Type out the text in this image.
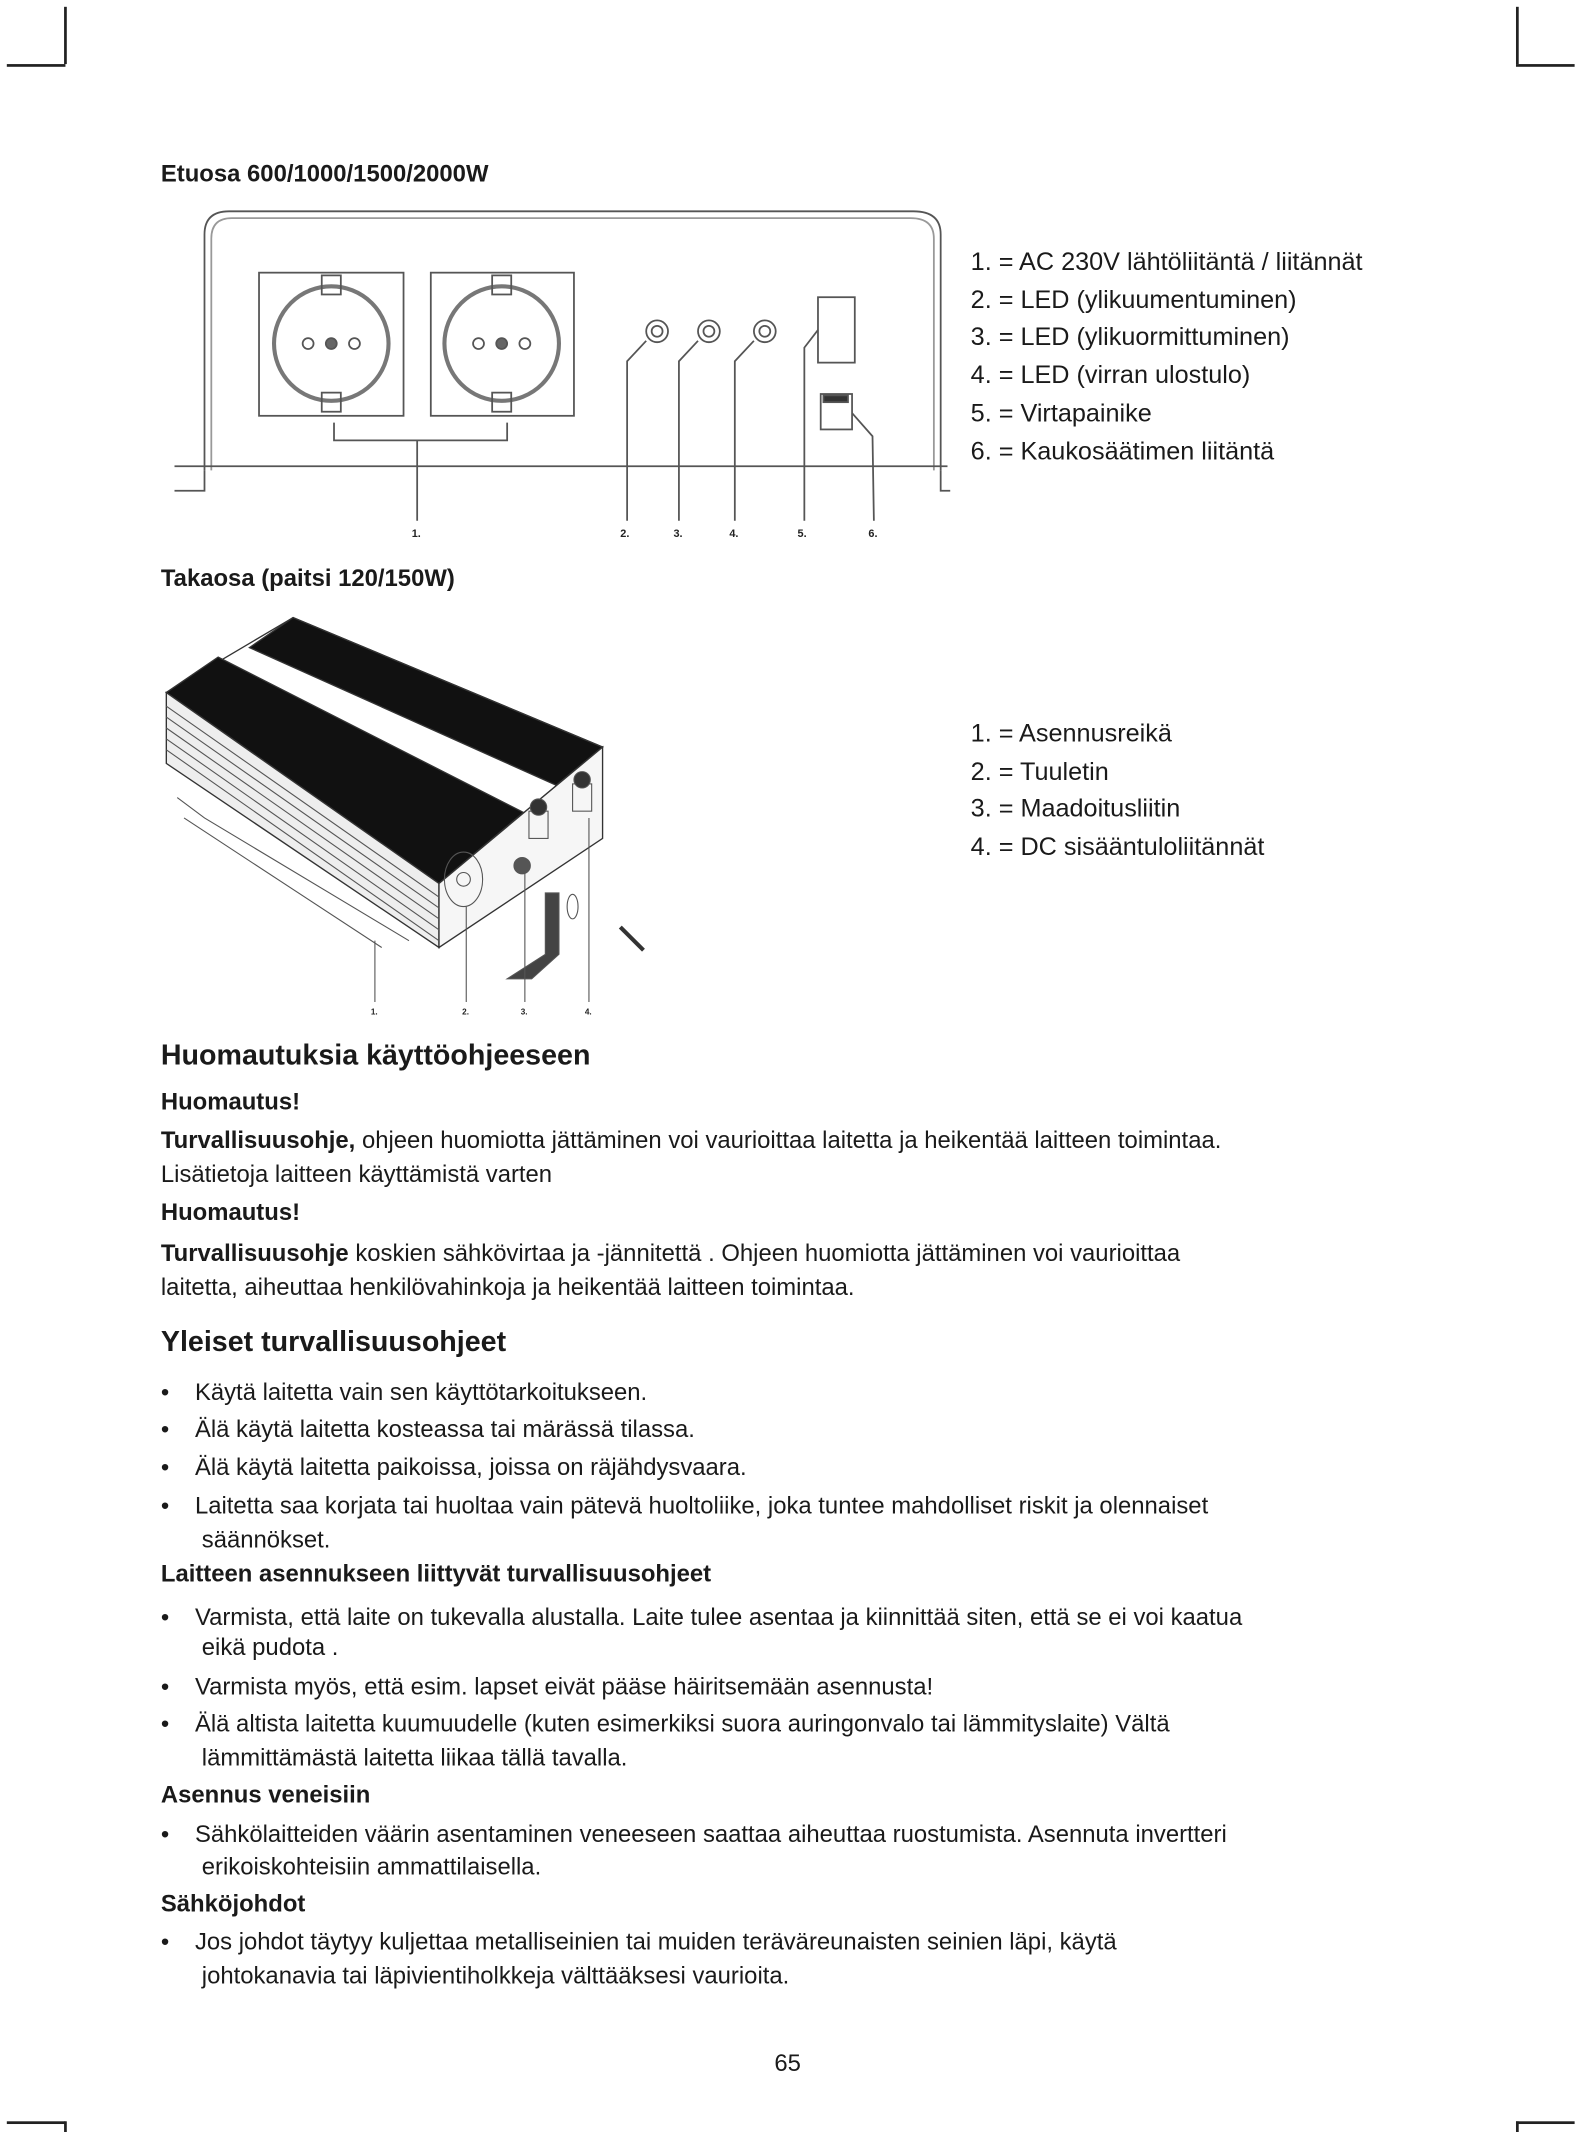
Etuosa 600/1000/1500/2000W
1.	2.	3.	4.	5.	6.
1. = AC 230V lähtöliitäntä / liitännät
2. = LED (ylikuumentuminen)
3. = LED (ylikuormittuminen)
4. = LED (virran ulostulo)
5. = Virtapainike
6. = Kaukosäätimen liitäntä
Takaosa (paitsi 120/150W)
1.	2.	3.	4.
1. = Asennusreikä
2. = Tuuletin
3. = Maadoitusliitin
4. = DC sisääntuloliitännät
Huomautuksia käyttöohjeeseen
Huomautus!
Turvallisuusohje, ohjeen huomiotta jättäminen voi vaurioittaa laitetta ja heikentää laitteen toimintaa.
Lisätietoja laitteen käyttämistä varten
Huomautus!
Turvallisuusohje koskien sähkövirtaa ja -jännitettä . Ohjeen huomiotta jättäminen voi vaurioittaa
laitetta, aiheuttaa henkilövahinkoja ja heikentää laitteen toimintaa.
Yleiset turvallisuusohjeet
• Käytä laitetta vain sen käyttötarkoitukseen.
• Älä käytä laitetta kosteassa tai märässä tilassa.
• Älä käytä laitetta paikoissa, joissa on räjähdysvaara.
• Laitetta saa korjata tai huoltaa vain pätevä huoltoliike, joka tuntee mahdolliset riskit ja olennaiset
säännökset.
Laitteen asennukseen liittyvät turvallisuusohjeet
• Varmista, että laite on tukevalla alustalla. Laite tulee asentaa ja kiinnittää siten, että se ei voi kaatua
eikä pudota .
• Varmista myös, että esim. lapset eivät pääse häiritsemään asennusta!
• Älä altista laitetta kuumuudelle (kuten esimerkiksi suora auringonvalo tai lämmityslaite) Vältä
lämmittämästä laitetta liikaa tällä tavalla.
Asennus veneisiin
• Sähkölaitteiden väärin asentaminen veneeseen saattaa aiheuttaa ruostumista. Asennuta invertteri
erikoiskohteisiin ammattilaisella.
Sähköjohdot
• Jos johdot täytyy kuljettaa metalliseinien tai muiden teräväreunaisten seinien läpi, käytä
johtokanavia tai läpivientiholkkeja välttääksesi vaurioita.
65
